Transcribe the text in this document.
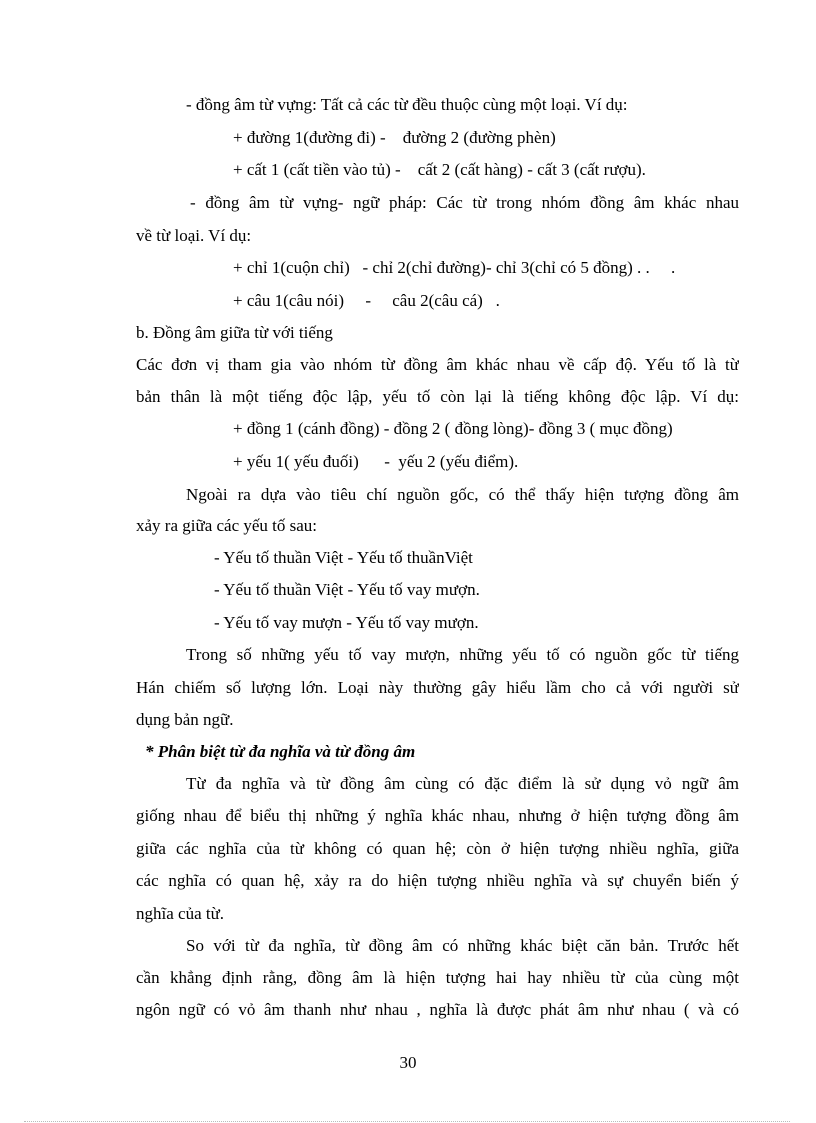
- đồng âm từ vựng: Tất cả các từ đều thuộc cùng một loại. Ví dụ:
+ đường 1(đường đi) -    đường 2 (đường phèn)
+ cất 1 (cất tiền vào tủ) -    cất 2 (cất hàng) - cất 3 (cất rượu).
- đồng âm từ vựng- ngữ pháp: Các từ trong nhóm đồng âm khác nhau
về từ loại. Ví dụ:
+ chỉ 1(cuộn chỉ)   - chỉ 2(chỉ đường)- chỉ 3(chỉ có 5 đồng) . .     .
+ câu 1(câu nói)     -     câu 2(câu cá)   .
b. Đồng âm giữa từ với tiếng
Các đơn vị tham gia vào nhóm từ đồng âm khác nhau về cấp độ. Yếu tố là từ
bản thân là một tiếng độc lập, yếu tố còn lại là tiếng không độc lập. Ví dụ:
+ đồng 1 (cánh đồng) - đồng 2 ( đồng lòng)- đồng 3 ( mục đồng)
+ yếu 1( yếu đuối)      -  yếu 2 (yếu điểm).
Ngoài ra dựa vào tiêu chí nguồn gốc, có thể thấy hiện tượng đồng âm
xảy ra giữa các yếu tố sau:
- Yếu tố thuần Việt - Yếu tố thuầnViệt
- Yếu tố thuần Việt - Yếu tố vay mượn.
- Yếu tố vay mượn - Yếu tố vay mượn.
Trong số những yếu tố vay mượn, những yếu tố có nguồn gốc từ tiếng
Hán chiếm số lượng lớn. Loại này thường gây hiểu lầm cho cả với người sử
dụng bản ngữ.
* Phân biệt từ đa nghĩa và từ đồng âm
Từ đa nghĩa và từ đồng âm cùng có đặc điểm là sử dụng vỏ ngữ âm
giống nhau để biểu thị những ý nghĩa khác nhau, nhưng ở hiện tượng đồng âm
giữa các nghĩa của từ không có quan hệ; còn ở hiện tượng nhiều nghĩa, giữa
các nghĩa có quan hệ, xảy ra do hiện tượng nhiều nghĩa và sự chuyển biến ý
nghĩa của từ.
So với từ đa nghĩa, từ đồng âm có những khác biệt căn bản. Trước hết
cần khẳng định rằng, đồng âm là hiện tượng hai hay nhiều từ của cùng một
ngôn ngữ có vỏ âm thanh như nhau , nghĩa là được phát âm như nhau ( và có
30
